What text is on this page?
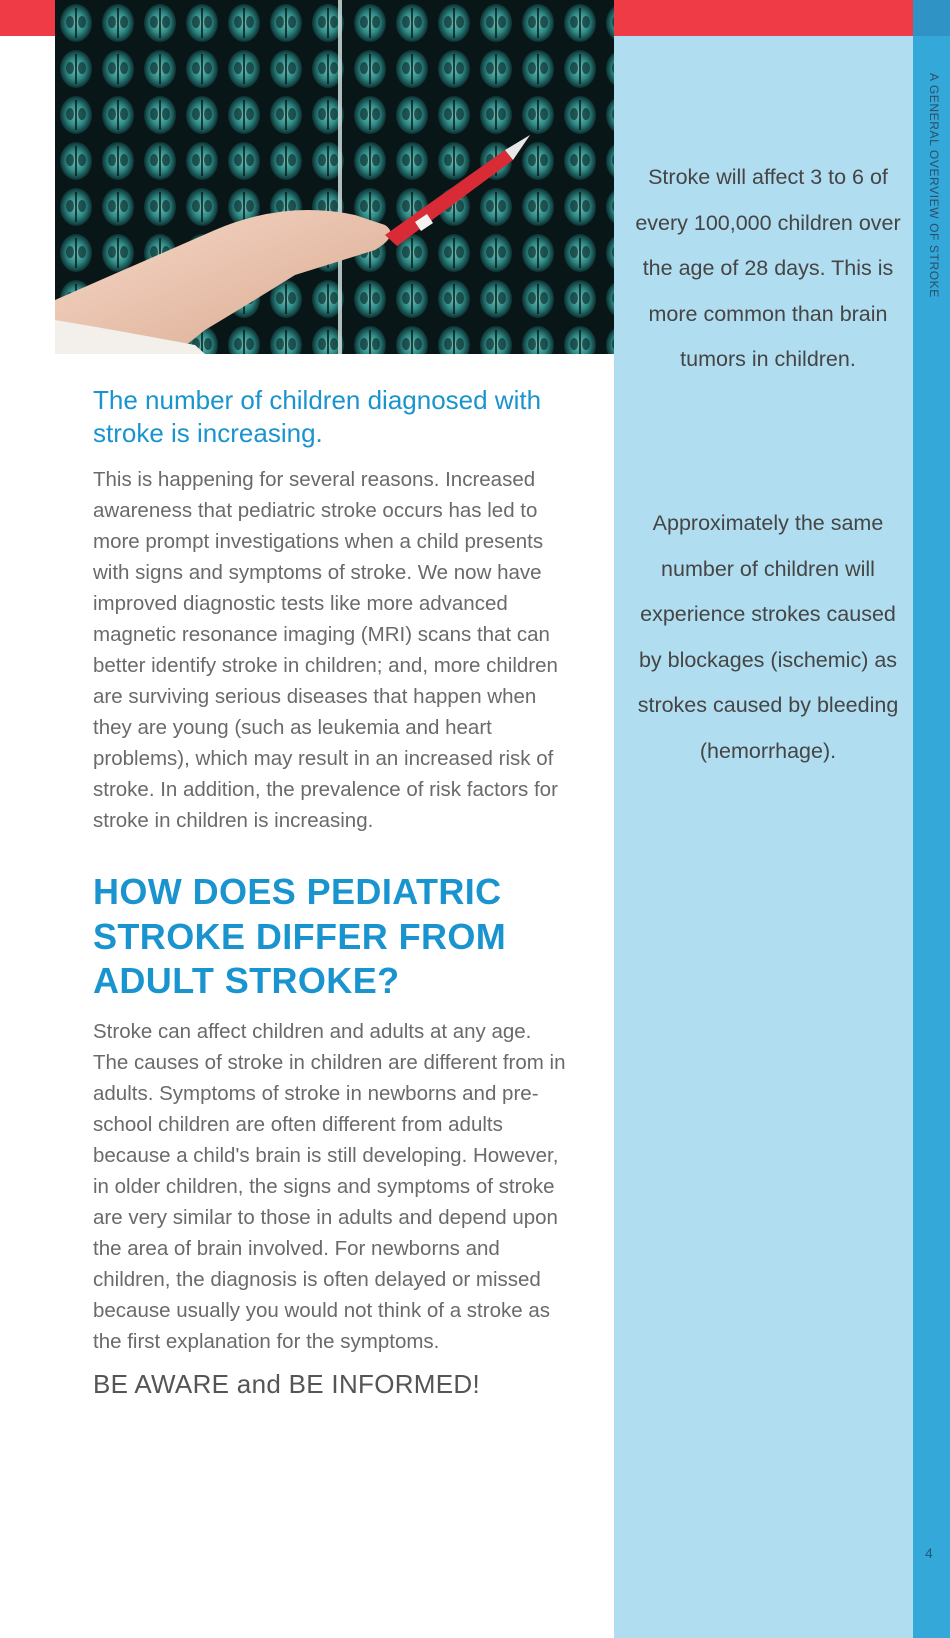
A GENERAL OVERVIEW OF STROKE
4
The number of children diagnosed with stroke is increasing.

This is happening for several reasons. Increased awareness that pediatric stroke occurs has led to more prompt investigations when a child presents with signs and symptoms of stroke. We now have improved diagnostic tests like more advanced magnetic resonance imaging (MRI) scans that can better identify stroke in children; and, more children are surviving serious diseases that happen when they are young (such as leukemia and heart problems), which may result in an increased risk of stroke. In addition, the prevalence of risk factors for stroke in children is increasing.

HOW DOES PEDIATRIC STROKE DIFFER FROM ADULT STROKE?

Stroke can affect children and adults at any age. The causes of stroke in children are different from in adults. Symptoms of stroke in newborns and pre-school children are often different from adults because a child's brain is still developing. However, in older children, the signs and symptoms of stroke are very similar to those in adults and depend upon the area of brain involved. For newborns and children, the diagnosis is often delayed or missed because usually you would not think of a stroke as the first explanation for the symptoms.

BE AWARE and BE INFORMED!

Stroke will affect 3 to 6 of every 100,000 children over the age of 28 days. This is more common than brain tumors in children.

Approximately the same number of children will experience strokes caused by blockages (ischemic) as strokes caused by bleeding (hemorrhage).
